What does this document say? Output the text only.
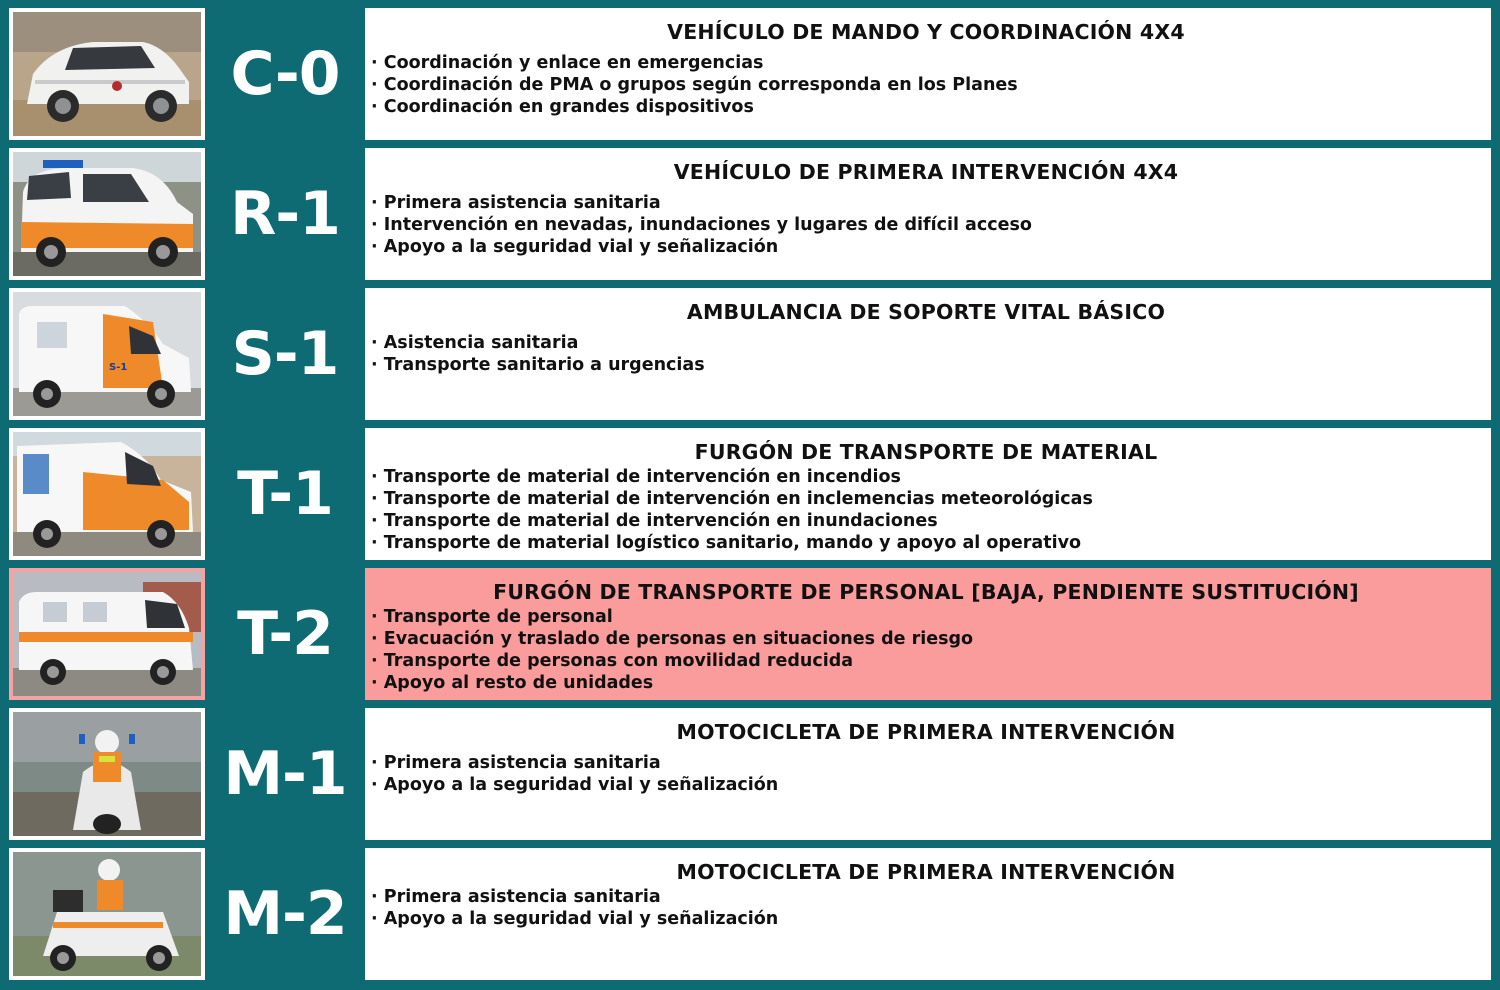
C-0
VEHÍCULO DE MANDO Y COORDINACIÓN 4X4
· Coordinación y enlace en emergencias
· Coordinación de PMA o grupos según corresponda en los Planes
· Coordinación en grandes dispositivos
R-1
VEHÍCULO DE PRIMERA INTERVENCIÓN 4X4
· Primera asistencia sanitaria
· Intervención en nevadas, inundaciones y lugares de difícil acceso
· Apoyo a la seguridad vial y señalización
S-1	S-1
AMBULANCIA DE SOPORTE VITAL BÁSICO
· Asistencia sanitaria
· Transporte sanitario a urgencias
T-1
FURGÓN DE TRANSPORTE DE MATERIAL
· Transporte de material de intervención en incendios
· Transporte de material de intervención en inclemencias meteorológicas
· Transporte de material de intervención en inundaciones
· Transporte de material logístico sanitario, mando y apoyo al operativo
T-2
FURGÓN DE TRANSPORTE DE PERSONAL [BAJA, PENDIENTE SUSTITUCIÓN]
· Transporte de personal
· Evacuación y traslado de personas en situaciones de riesgo
· Transporte de personas con movilidad reducida
· Apoyo al resto de unidades
M-1
MOTOCICLETA DE PRIMERA INTERVENCIÓN
· Primera asistencia sanitaria
· Apoyo a la seguridad vial y señalización
M-2
MOTOCICLETA DE PRIMERA INTERVENCIÓN
· Primera asistencia sanitaria
· Apoyo a la seguridad vial y señalización
